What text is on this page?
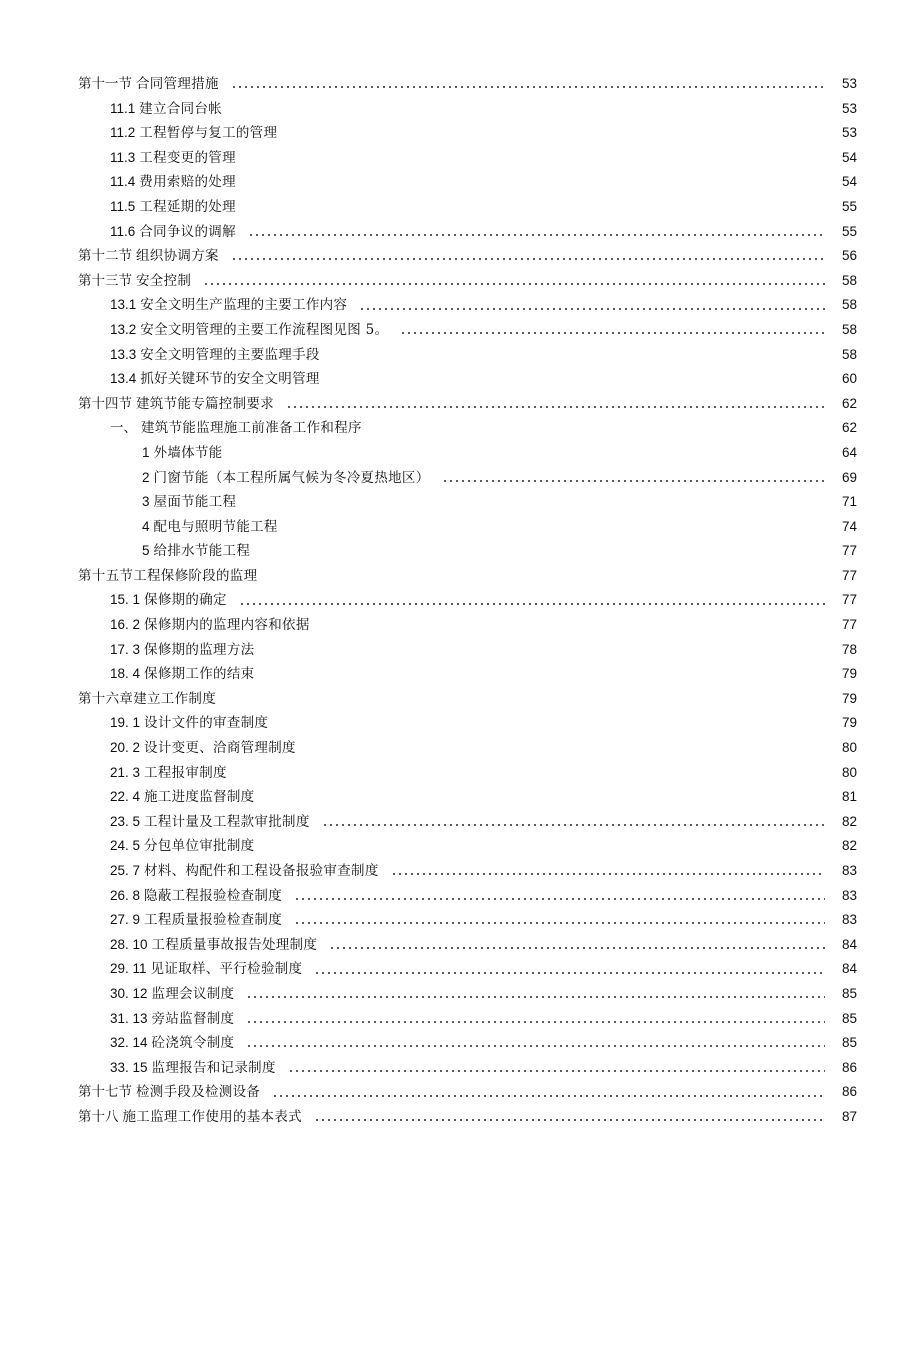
第十一节 合同管理措施	53
11.1 建立合同台帐	53
11.2 工程暂停与复工的管理	53
11.3 工程变更的管理	54
11.4 费用索赔的处理	54
11.5 工程延期的处理	55
11.6 合同争议的调解	55
第十二节 组织协调方案	56
第十三节 安全控制	58
13.1 安全文明生产监理的主要工作内容	58
13.2 安全文明管理的主要工作流程图见图 5。	58
13.3 安全文明管理的主要监理手段	58
13.4 抓好关键环节的安全文明管理	60
第十四节 建筑节能专篇控制要求	62
一、 建筑节能监理施工前准备工作和程序	62
1 外墙体节能	64
2 门窗节能（本工程所属气候为冬冷夏热地区）	69
3 屋面节能工程	71
4 配电与照明节能工程	74
5 给排水节能工程	77
第十五节工程保修阶段的监理	77
15. 1 保修期的确定	77
16. 2 保修期内的监理内容和依据	77
17. 3 保修期的监理方法	78
18. 4 保修期工作的结束	79
第十六章建立工作制度	79
19. 1 设计文件的审查制度	79
20. 2 设计变更、洽商管理制度	80
21. 3 工程报审制度	80
22. 4 施工进度监督制度	81
23. 5 工程计量及工程款审批制度	82
24. 5 分包单位审批制度	82
25. 7 材料、构配件和工程设备报验审查制度	83
26. 8 隐蔽工程报验检查制度	83
27. 9 工程质量报验检查制度	83
28. 10 工程质量事故报告处理制度	84
29. 11 见证取样、平行检验制度	84
30. 12 监理会议制度	85
31. 13 旁站监督制度	85
32. 14 砼浇筑令制度	85
33. 15 监理报告和记录制度	86
第十七节 检测手段及检测设备	86
第十八 施工监理工作使用的基本表式	87
